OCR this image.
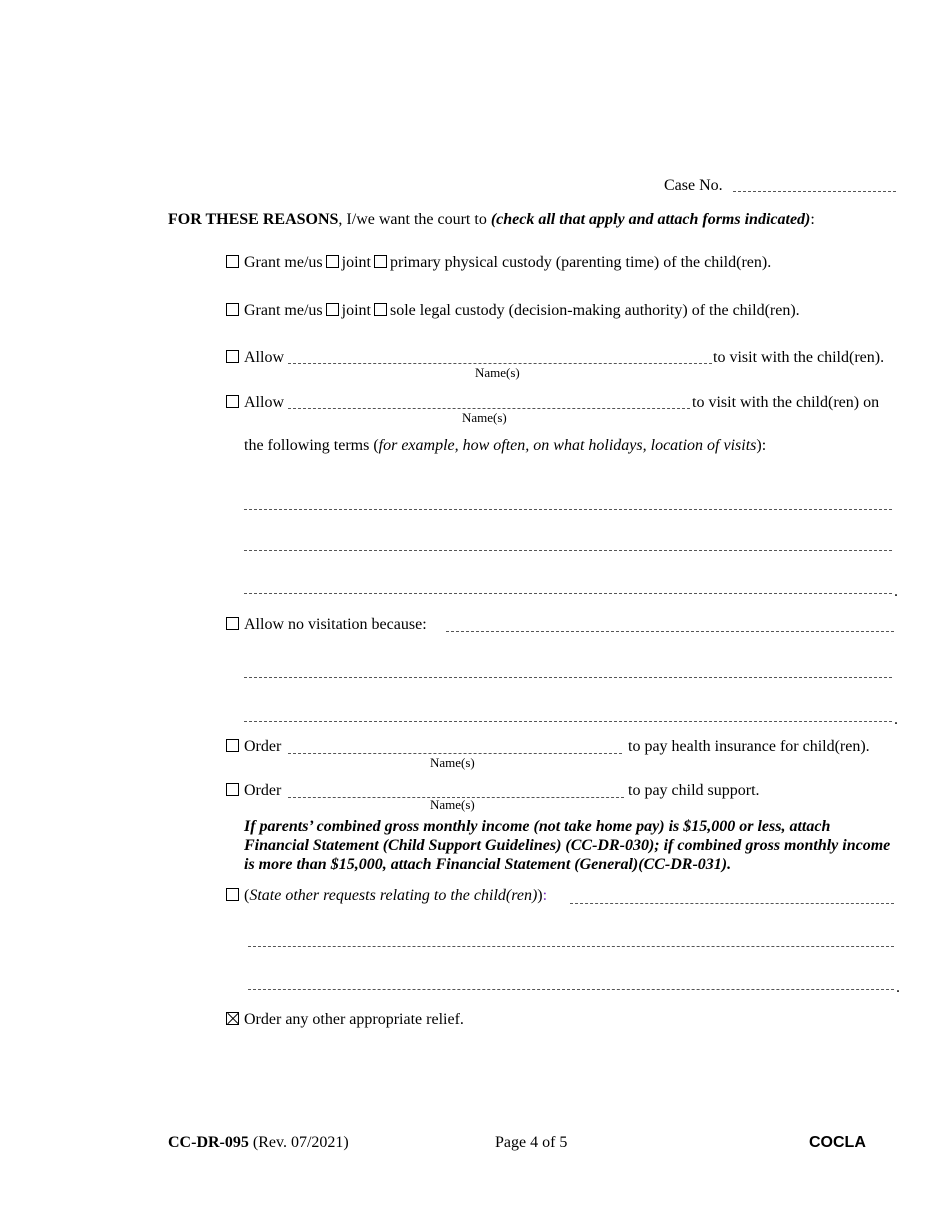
Case No.
FOR THESE REASONS, I/we want the court to (check all that apply and attach forms indicated):
Grant me/us joint primary physical custody (parenting time) of the child(ren).
Grant me/us joint sole legal custody (decision-making authority) of the child(ren).
Allow	to visit with the child(ren).
Name(s)
Allow	to visit with the child(ren) on
Name(s)
the following terms (for example, how often, on what holidays, location of visits):
.
Allow no visitation because:
.
Order	to pay health insurance for child(ren).
Name(s)
Order	to pay child support.
Name(s)
If parents’ combined gross monthly income (not take home pay) is $15,000 or less, attach Financial Statement (Child Support Guidelines) (CC-DR-030); if combined gross monthly income is more than $15,000, attach Financial Statement (General)(CC-DR-031).
(State other requests relating to the child(ren)):
.
Order any other appropriate relief.
CC-DR-095 (Rev. 07/2021)	Page 4 of 5	COCLA
